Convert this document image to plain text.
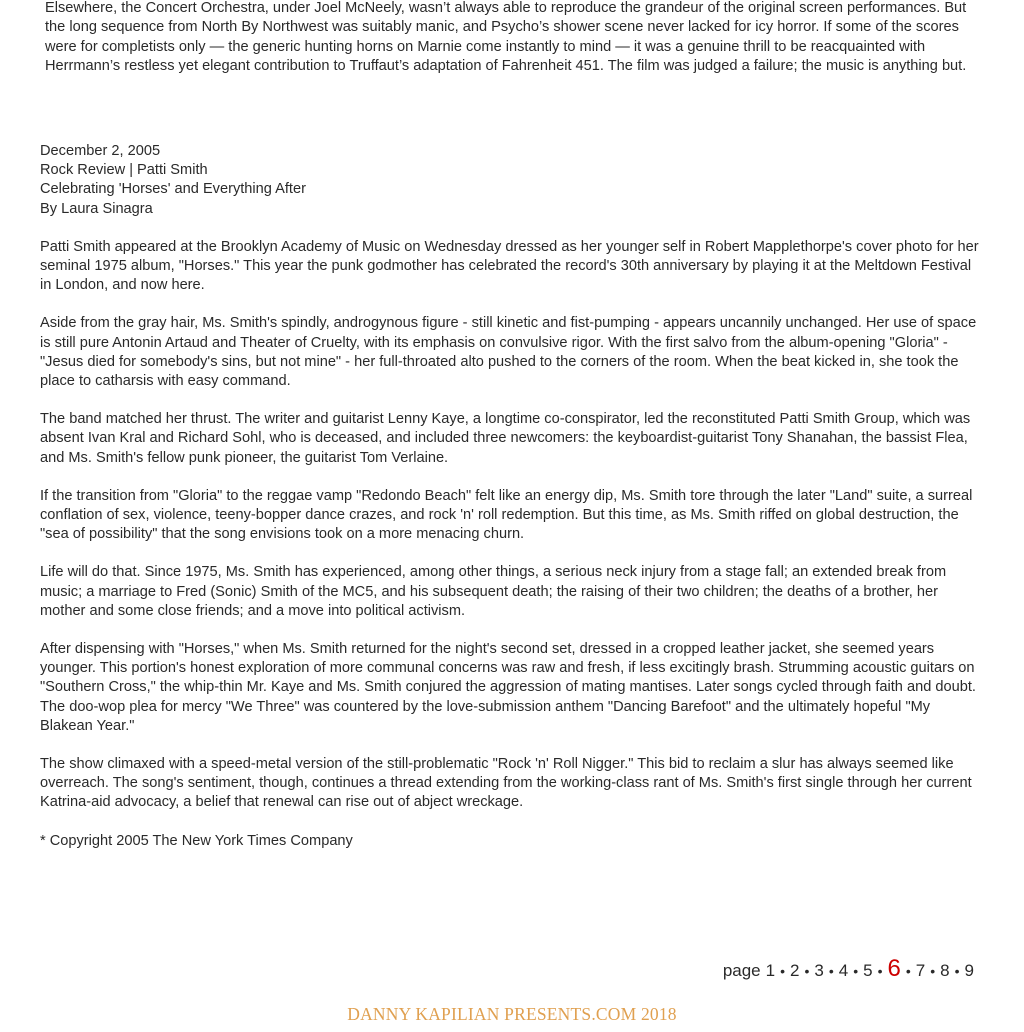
Elsewhere, the Concert Orchestra, under Joel McNeely, wasn’t always able to reproduce the grandeur of the original screen performances. But the long sequence from North By Northwest was suitably manic, and Psycho’s shower scene never lacked for icy horror. If some of the scores were for completists only — the generic hunting horns on Marnie come instantly to mind — it was a genuine thrill to be reacquainted with Herrmann’s restless yet elegant contribution to Truffaut’s adaptation of Fahrenheit 451. The film was judged a failure; the music is anything but.

December 2, 2005

Rock Review | Patti Smith

Celebrating 'Horses' and Everything After

By Laura Sinagra

Patti Smith appeared at the Brooklyn Academy of Music on Wednesday dressed as her younger self in Robert Mapplethorpe's cover photo for her seminal 1975 album, "Horses." This year the punk godmother has celebrated the record's 30th anniversary by playing it at the Meltdown Festival in London, and now here.

Aside from the gray hair, Ms. Smith's spindly, androgynous figure - still kinetic and fist-pumping - appears uncannily unchanged. Her use of space is still pure Antonin Artaud and Theater of Cruelty, with its emphasis on convulsive rigor. With the first salvo from the album-opening "Gloria" - "Jesus died for somebody's sins, but not mine" - her full-throated alto pushed to the corners of the room. When the beat kicked in, she took the place to catharsis with easy command.

The band matched her thrust. The writer and guitarist Lenny Kaye, a longtime co-conspirator, led the reconstituted Patti Smith Group, which was absent Ivan Kral and Richard Sohl, who is deceased, and included three newcomers: the keyboardist-guitarist Tony Shanahan, the bassist Flea, and Ms. Smith's fellow punk pioneer, the guitarist Tom Verlaine.

If the transition from "Gloria" to the reggae vamp "Redondo Beach" felt like an energy dip, Ms. Smith tore through the later "Land" suite, a surreal conflation of sex, violence, teeny-bopper dance crazes, and rock 'n' roll redemption. But this time, as Ms. Smith riffed on global destruction, the "sea of possibility" that the song envisions took on a more menacing churn.

Life will do that. Since 1975, Ms. Smith has experienced, among other things, a serious neck injury from a stage fall; an extended break from music; a marriage to Fred (Sonic) Smith of the MC5, and his subsequent death; the raising of their two children; the deaths of a brother, her mother and some close friends; and a move into political activism.

After dispensing with "Horses," when Ms. Smith returned for the night's second set, dressed in a cropped leather jacket, she seemed years younger. This portion's honest exploration of more communal concerns was raw and fresh, if less excitingly brash. Strumming acoustic guitars on "Southern Cross," the whip-thin Mr. Kaye and Ms. Smith conjured the aggression of mating mantises. Later songs cycled through faith and doubt. The doo-wop plea for mercy "We Three" was countered by the love-submission anthem "Dancing Barefoot" and the ultimately hopeful "My Blakean Year."

The show climaxed with a speed-metal version of the still-problematic "Rock 'n' Roll Nigger." This bid to reclaim a slur has always seemed like overreach. The song's sentiment, though, continues a thread extending from the working-class rant of Ms. Smith's first single through her current Katrina-aid advocacy, a belief that renewal can rise out of abject wreckage.

* Copyright 2005 The New York Times Company

page 1 • 2 • 3 • 4 • 5 • 6 • 7 • 8 • 9
DANNY KAPILIAN PRESENTS.COM 2018
